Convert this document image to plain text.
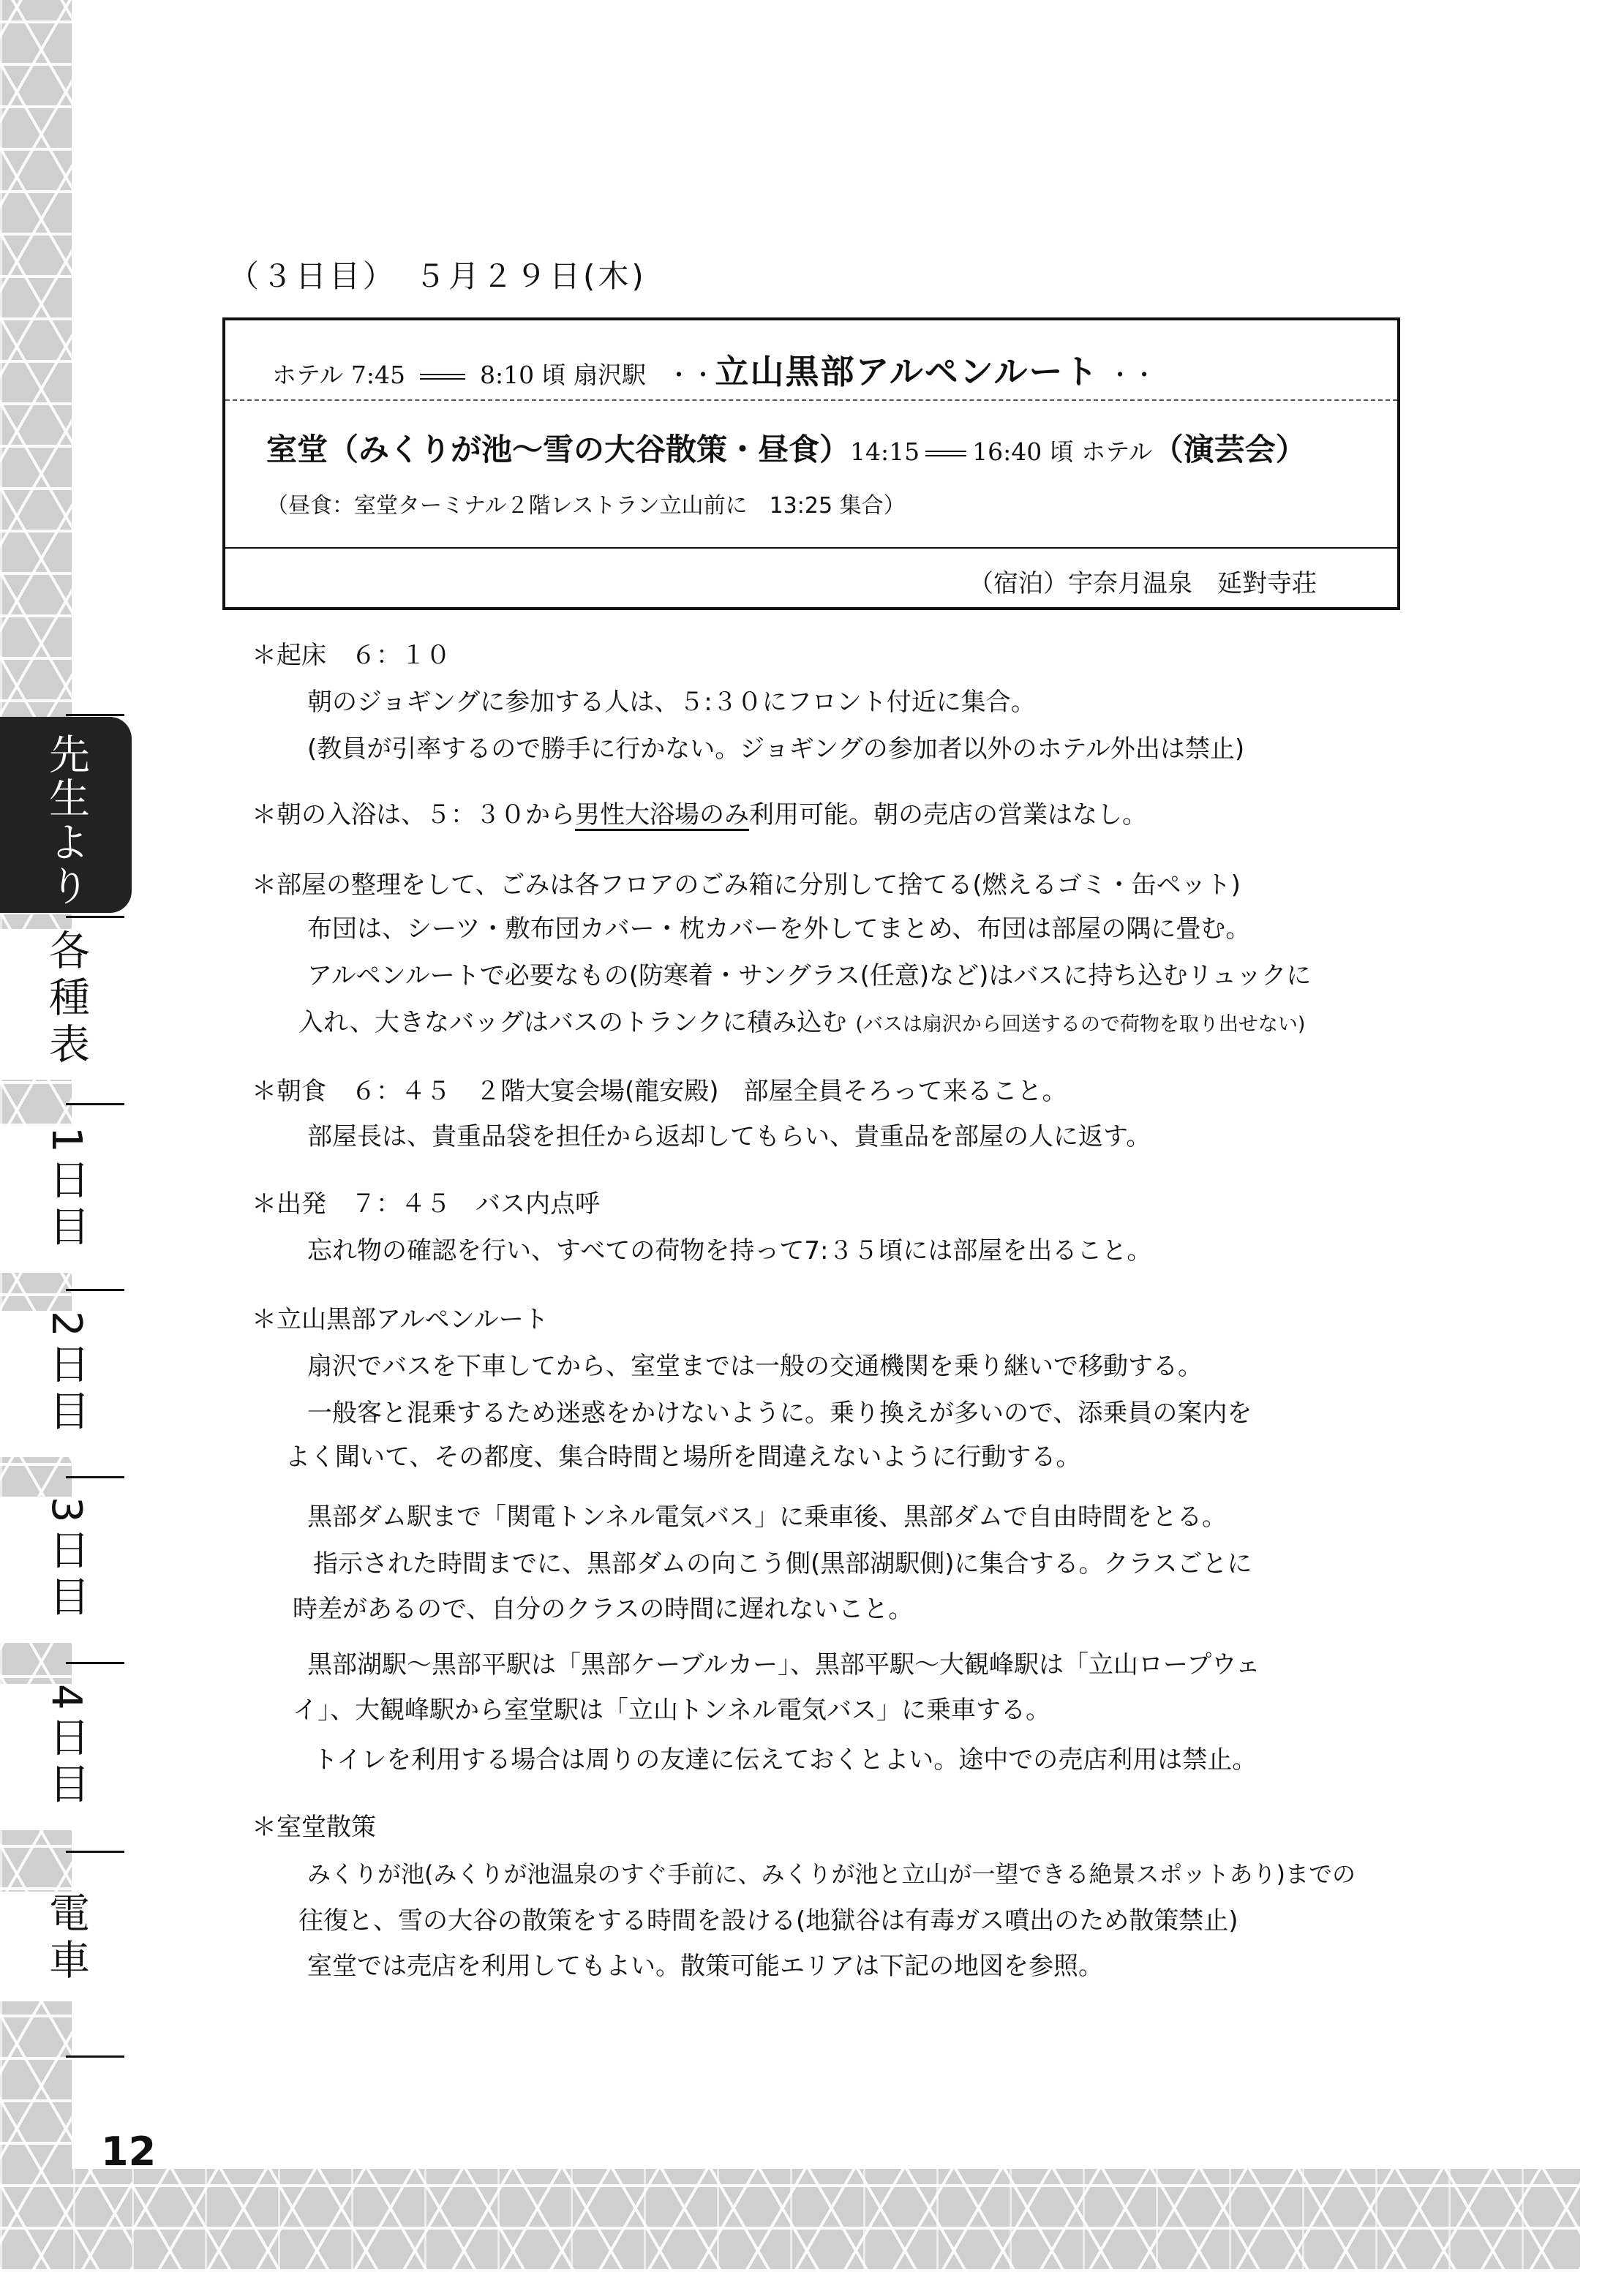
先生より
各種表
1日目
2日目
3日目
4日目
電車
12
（３日目）　５月２９日(木)
ホテル 7:45	8:10 頃 扇沢駅 ・・立山黒部アルペンルート ・・
室堂（みくりが池〜雪の大谷散策・昼食）14:15 16:40 頃 ホテル（演芸会）
（昼食：室堂ターミナル２階レストラン立山前に　13:25 集合）
（宿泊）宇奈月温泉　延對寺荘
＊起床　６：１０
朝のジョギングに参加する人は、５:３０にフロント付近に集合。
(教員が引率するので勝手に行かない。ジョギングの参加者以外のホテル外出は禁止)
＊朝の入浴は、５：３０から男性大浴場のみ利用可能。朝の売店の営業はなし。
＊部屋の整理をして、ごみは各フロアのごみ箱に分別して捨てる(燃えるゴミ・缶ペット)
布団は、シーツ・敷布団カバー・枕カバーを外してまとめ、布団は部屋の隅に畳む。
アルペンルートで必要なもの(防寒着・サングラス(任意)など)はバスに持ち込むリュックに
入れ、大きなバッグはバスのトランクに積み込む (バスは扇沢から回送するので荷物を取り出せない)
＊朝食　６：４５　２階大宴会場(龍安殿)　部屋全員そろって来ること。
部屋長は、貴重品袋を担任から返却してもらい、貴重品を部屋の人に返す。
＊出発　７：４５　バス内点呼
忘れ物の確認を行い、すべての荷物を持って7:３５頃には部屋を出ること。
＊立山黒部アルペンルート
扇沢でバスを下車してから、室堂までは一般の交通機関を乗り継いで移動する。
一般客と混乗するため迷惑をかけないように。乗り換えが多いので、添乗員の案内を
よく聞いて、その都度、集合時間と場所を間違えないように行動する。
黒部ダム駅まで「関電トンネル電気バス」に乗車後、黒部ダムで自由時間をとる。
指示された時間までに、黒部ダムの向こう側(黒部湖駅側)に集合する。クラスごとに
時差があるので、自分のクラスの時間に遅れないこと。
黒部湖駅〜黒部平駅は「黒部ケーブルカー」、黒部平駅〜大観峰駅は「立山ロープウェ
イ」、大観峰駅から室堂駅は「立山トンネル電気バス」に乗車する。
トイレを利用する場合は周りの友達に伝えておくとよい。途中での売店利用は禁止。
＊室堂散策
みくりが池(みくりが池温泉のすぐ手前に、みくりが池と立山が一望できる絶景スポットあり)までの
往復と、雪の大谷の散策をする時間を設ける(地獄谷は有毒ガス噴出のため散策禁止)
室堂では売店を利用してもよい。散策可能エリアは下記の地図を参照。
